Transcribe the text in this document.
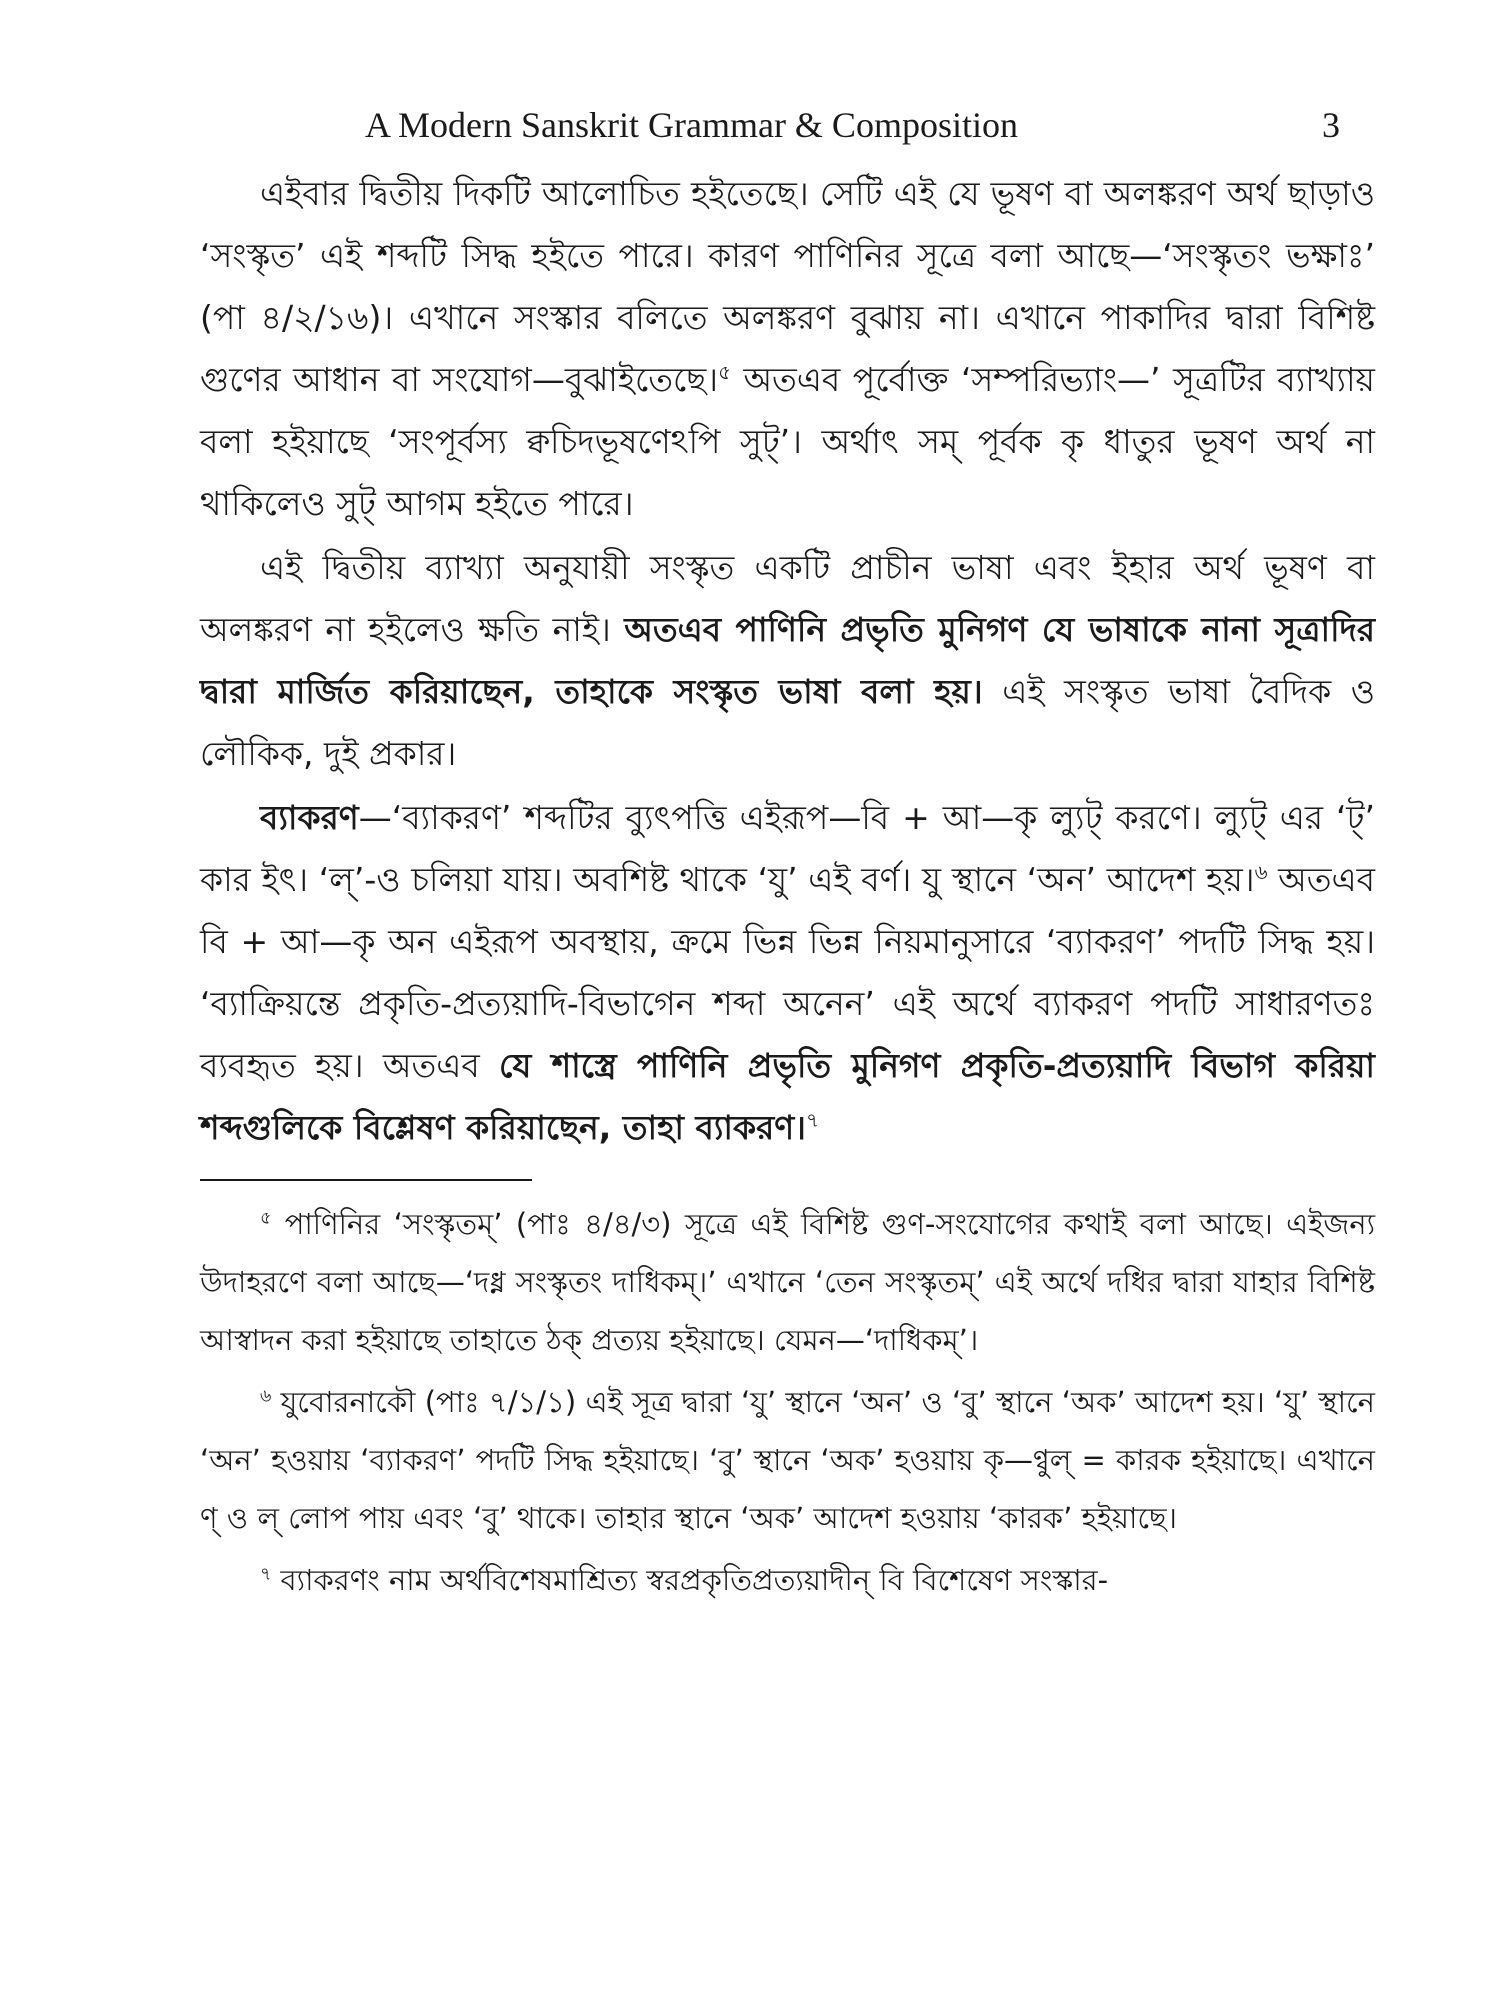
A Modern Sanskrit Grammar & Composition	3

এইবার দ্বিতীয় দিকটি আলোচিত হইতেছে। সেটি এই যে ভূষণ বা অলঙ্করণ অর্থ ছাড়াও ‘সংস্কৃত’ এই শব্দটি সিদ্ধ হইতে পারে। কারণ পাণিনির সূত্রে বলা আছে—‘সংস্কৃতং ভক্ষাঃ’ (পা ৪/২/১৬)। এখানে সংস্কার বলিতে অলঙ্করণ বুঝায় না। এখানে পাকাদির দ্বারা বিশিষ্ট গুণের আধান বা সংযোগ—বুঝাইতেছে।$^৫$ অতএব পূর্বোক্ত ‘সম্পরিভ্যাং—’ সূত্রটির ব্যাখ্যায় বলা হইয়াছে ‘সংপূর্বস্য ক্বচিদভূষণেঽপি সুট্’। অর্থাৎ সম্ পূর্বক কৃ ধাতুর ভূষণ অর্থ না থাকিলেও সুট্ আগম হইতে পারে।

এই দ্বিতীয় ব্যাখ্যা অনুযায়ী সংস্কৃত একটি প্রাচীন ভাষা এবং ইহার অর্থ ভূষণ বা অলঙ্করণ না হইলেও ক্ষতি নাই। অতএব পাণিনি প্রভৃতি মুনিগণ যে ভাষাকে নানা সূত্রাদির দ্বারা মার্জিত করিয়াছেন, তাহাকে সংস্কৃত ভাষা বলা হয়। এই সংস্কৃত ভাষা বৈদিক ও লৌকিক, দুই প্রকার।

ব্যাকরণ—‘ব্যাকরণ’ শব্দটির ব্যুৎপত্তি এইরূপ—বি + আ—কৃ ল্যুট্ করণে। ল্যুট্ এর ‘ট্’ কার ইৎ। ‘ল্’-ও চলিয়া যায়। অবশিষ্ট থাকে ‘যু’ এই বর্ণ। যু স্থানে ‘অন’ আদেশ হয়।$^৬$ অতএব বি + আ—কৃ অন এইরূপ অবস্থায়, ক্রমে ভিন্ন ভিন্ন নিয়মানুসারে ‘ব্যাকরণ’ পদটি সিদ্ধ হয়। ‘ব্যাক্রিয়ন্তে প্রকৃতি-প্রত্যয়াদি-বিভাগেন শব্দা অনেন’ এই অর্থে ব্যাকরণ পদটি সাধারণতঃ ব্যবহৃত হয়। অতএব যে শাস্ত্রে পাণিনি প্রভৃতি মুনিগণ প্রকৃতি-প্রত্যয়াদি বিভাগ করিয়া শব্দগুলিকে বিশ্লেষণ করিয়াছেন, তাহা ব্যাকরণ।$^৭$

$^৫$ পাণিনির ‘সংস্কৃতম্’ (পাঃ ৪/৪/৩) সূত্রে এই বিশিষ্ট গুণ-সংযোগের কথাই বলা আছে। এইজন্য উদাহরণে বলা আছে—‘দধ্ন সংস্কৃতং দাধিকম্।’ এখানে ‘তেন সংস্কৃতম্’ এই অর্থে দধির দ্বারা যাহার বিশিষ্ট আস্বাদন করা হইয়াছে তাহাতে ঠক্ প্রত্যয় হইয়াছে। যেমন—‘দাধিকম্’।

$^৬$ যুবোরনাকৌ (পাঃ ৭/১/১) এই সূত্র দ্বারা ‘যু’ স্থানে ‘অন’ ও ‘বু’ স্থানে ‘অক’ আদেশ হয়। ‘যু’ স্থানে ‘অন’ হওয়ায় ‘ব্যাকরণ’ পদটি সিদ্ধ হইয়াছে। ‘বু’ স্থানে ‘অক’ হওয়ায় কৃ—ণ্বুল্ = কারক হইয়াছে। এখানে ণ্ ও ল্ লোপ পায় এবং ‘বু’ থাকে। তাহার স্থানে ‘অক’ আদেশ হওয়ায় ‘কারক’ হইয়াছে।

$^৭$ ব্যাকরণং নাম অর্থবিশেষমাশ্রিত্য স্বরপ্রকৃতিপ্রত্যয়াদীন্ বি বিশেষেণ সংস্কার-
